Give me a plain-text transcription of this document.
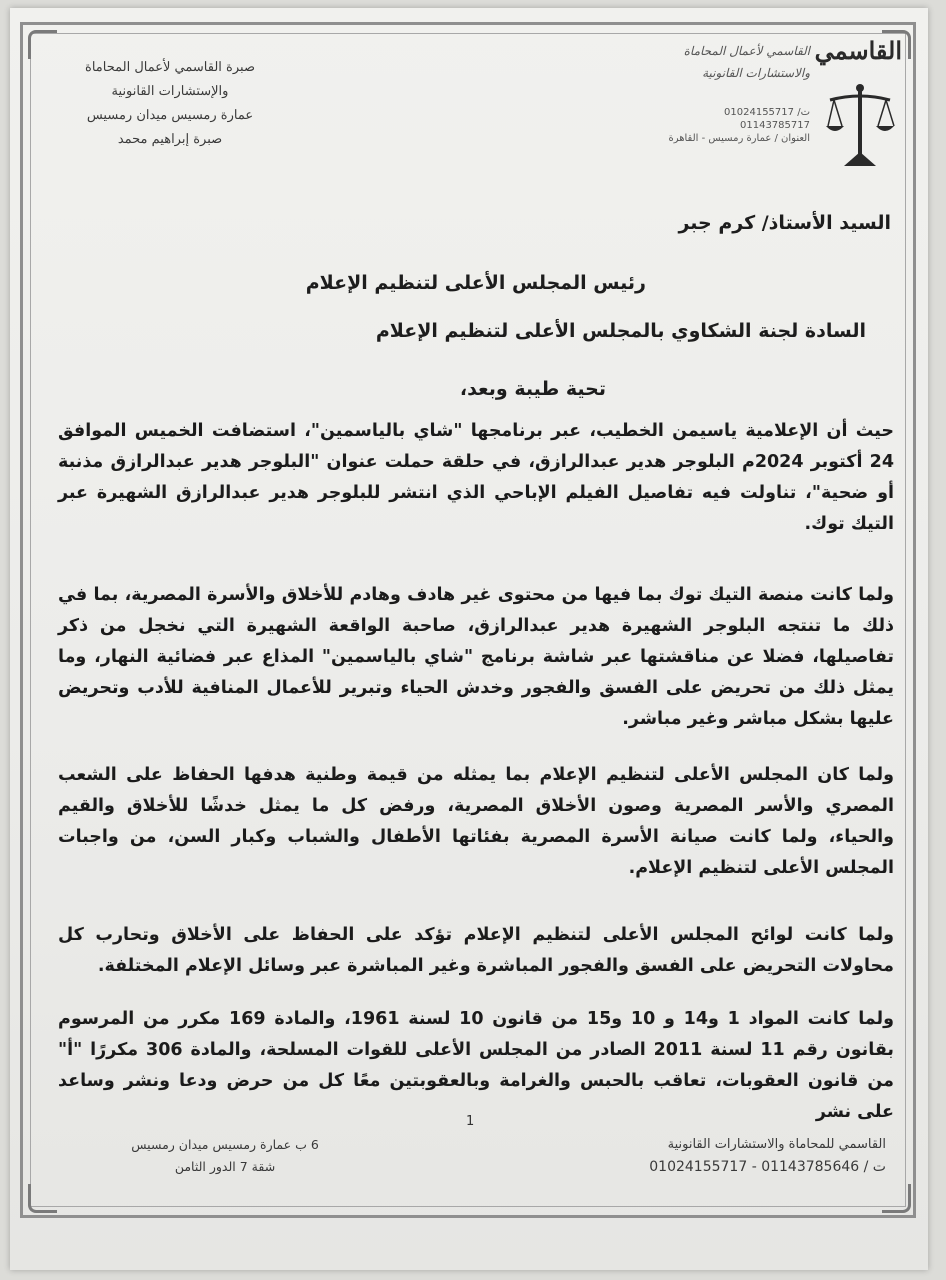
صبرة القاسمي لأعمال المحاماة
والإستشارات القانونية
عمارة رمسيس ميدان رمسيس
صبرة إبراهيم محمد
القاسمي
القاسمي لأعمال المحاماة
والاستشارات القانونية
ت/ 01024155717
01143785717
العنوان / عمارة رمسيس - القاهرة
السيد الأستاذ/ كرم جبر
رئيس المجلس الأعلى لتنظيم الإعلام
السادة لجنة الشكاوي بالمجلس الأعلى لتنظيم الإعلام
تحية طيبة وبعد،
حيث أن الإعلامية ياسيمن الخطيب، عبر برنامجها "شاي بالياسمين"، استضافت الخميس الموافق 24 أكتوبر 2024م البلوجر هدير عبدالرازق، في حلقة حملت عنوان "البلوجر هدير عبدالرازق مذنبة أو ضحية"، تناولت فيه تفاصيل الفيلم الإباحي الذي انتشر للبلوجر هدير عبدالرازق الشهيرة عبر التيك توك.
ولما كانت منصة التيك توك بما فيها من محتوى غير هادف وهادم للأخلاق والأسرة المصرية، بما في ذلك ما تنتجه البلوجر الشهيرة هدير عبدالرازق، صاحبة الواقعة الشهيرة التي نخجل من ذكر تفاصيلها، فضلا عن مناقشتها عبر شاشة برنامج "شاي بالياسمين" المذاع عبر فضائية النهار، وما يمثل ذلك من تحريض على الفسق والفجور وخدش الحياء وتبرير للأعمال المنافية للأدب وتحريض عليها بشكل مباشر وغير مباشر.
ولما كان المجلس الأعلى لتنظيم الإعلام بما يمثله من قيمة وطنية هدفها الحفاظ على الشعب المصري والأسر المصرية وصون الأخلاق المصرية، ورفض كل ما يمثل خدشًا للأخلاق والقيم والحياء، ولما كانت صيانة الأسرة المصرية بفئاتها الأطفال والشباب وكبار السن، من واجبات المجلس الأعلى لتنظيم الإعلام.
ولما كانت لوائح المجلس الأعلى لتنظيم الإعلام تؤكد على الحفاظ على الأخلاق وتحارب كل محاولات التحريض على الفسق والفجور المباشرة وغير المباشرة عبر وسائل الإعلام المختلفة.
ولما كانت المواد 1 و14 و 10 و15 من قانون 10 لسنة 1961، والمادة 169 مكرر من المرسوم بقانون رقم 11 لسنة 2011 الصادر من المجلس الأعلى للقوات المسلحة، والمادة 306 مكررًا "أ" من قانون العقوبات، تعاقب بالحبس والغرامة وبالعقوبتين معًا كل من حرض ودعا ونشر وساعد على نشر
1
القاسمي للمحاماة والاستشارات القانونية
ت / 01143785646 - 01024155717
6 ب عمارة رمسيس ميدان رمسيس
شقة 7 الدور الثامن
